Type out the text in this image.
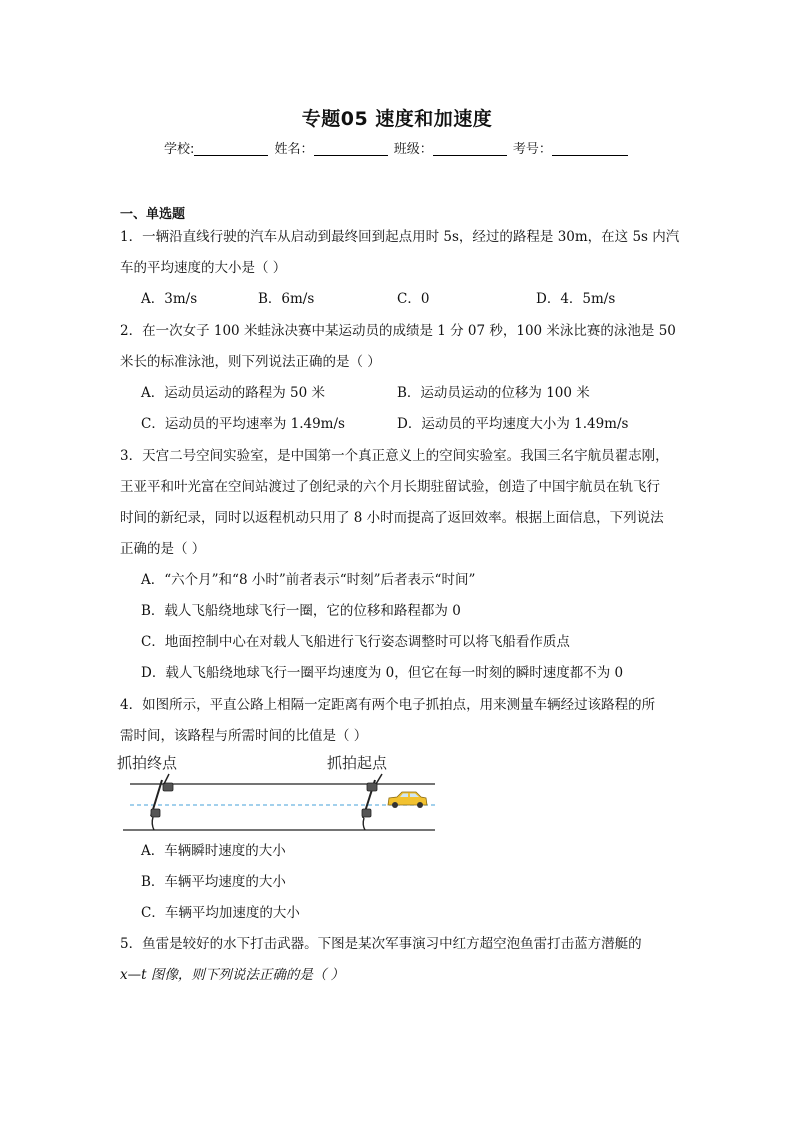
专题05 速度和加速度
学校:	姓名：	班级：	考号：
一、单选题
1．一辆沿直线行驶的汽车从启动到最终回到起点用时 5s，经过的路程是 30m，在这 5s 内汽
车的平均速度的大小是（ ）
A．3m/s	B．6m/s	C．0	D．4．5m/s
2．在一次女子 100 米蛙泳决赛中某运动员的成绩是 1 分 07 秒，100 米泳比赛的泳池是 50
米长的标准泳池，则下列说法正确的是（ ）
A．运动员运动的路程为 50 米	B．运动员运动的位移为 100 米
C．运动员的平均速率为 1.49m/s	D．运动员的平均速度大小为 1.49m/s
3．天宫二号空间实验室，是中国第一个真正意义上的空间实验室。我国三名宇航员翟志刚，
王亚平和叶光富在空间站渡过了创纪录的六个月长期驻留试验，创造了中国宇航员在轨飞行
时间的新纪录，同时以返程机动只用了 8 小时而提高了返回效率。根据上面信息，下列说法
正确的是（ ）
A．“六个月”和“8 小时”前者表示“时刻”后者表示“时间”
B．载人飞船绕地球飞行一圈，它的位移和路程都为 0
C．地面控制中心在对载人飞船进行飞行姿态调整时可以将飞船看作质点
D．载人飞船绕地球飞行一圈平均速度为 0，但它在每一时刻的瞬时速度都不为 0
4．如图所示，平直公路上相隔一定距离有两个电子抓拍点，用来测量车辆经过该路程的所
需时间，该路程与所需时间的比值是（ ）
抓拍终点	抓拍起点
A．车辆瞬时速度的大小
B．车辆平均速度的大小
C．车辆平均加速度的大小
5．鱼雷是较好的水下打击武器。下图是某次军事演习中红方超空泡鱼雷打击蓝方潜艇的
x—t 图像，则下列说法正确的是（ ）
